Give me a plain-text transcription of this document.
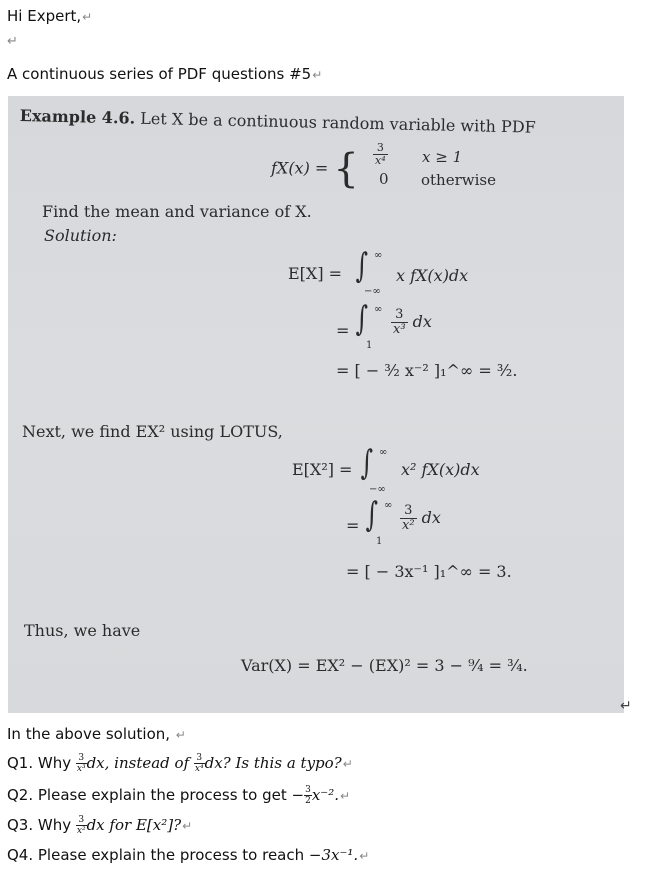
Hi Expert,↵
↵
A continuous series of PDF questions #5↵
Example 4.6. Let X be a continuous random variable with PDF
fX(x) = { $\frac{3}{\text{x⁴}}$ x ≥ 1
0 otherwise
Find the mean and variance of X.
Solution:
E[X] = ∫ ∞
−∞
x fX(x)dx
= ∫ ∞
1
$\frac{3}{\text{x³}}$ dx
= [ − ³⁄₂ x⁻² ]₁^∞ = ³⁄₂.
Next, we find EX² using LOTUS,
E[X²] = ∫ ∞
−∞
x² fX(x)dx
= ∫ ∞
1
$\frac{3}{\text{x²}}$ dx
= [ − 3x⁻¹ ]₁^∞ = 3.
Thus, we have
Var(X) = EX² − (EX)² = 3 − ⁹⁄₄ = ³⁄₄.
↵
In the above solution, ↵
Q1. Why $\frac{3}{\text{x³}}$ dx, instead of $\frac{3}{\text{x⁴}}$ dx? Is this a typo?↵
Q2. Please explain the process to get − $\frac{3}{2}$ x⁻².↵
Q3. Why $\frac{3}{\text{x²}}$ dx for E[x²]?↵
Q4. Please explain the process to reach −3x⁻¹.↵
